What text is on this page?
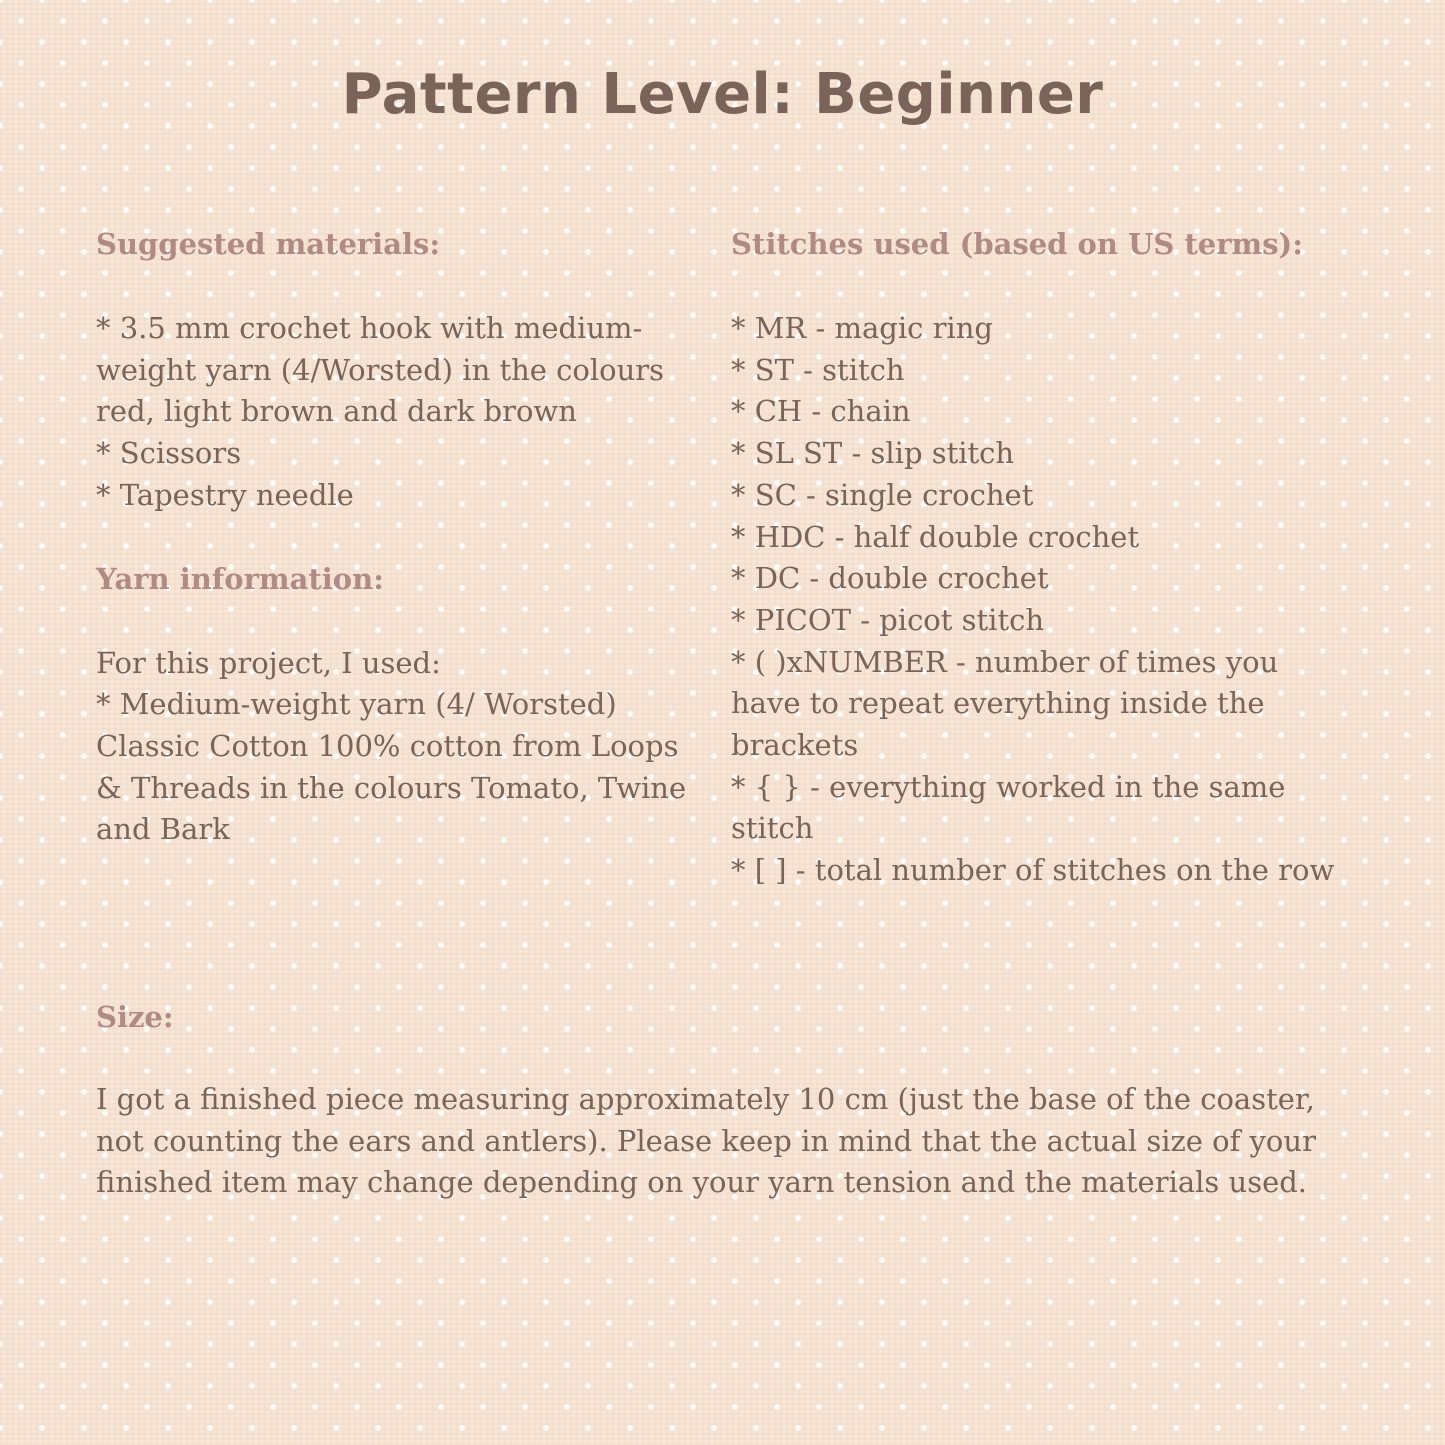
Pattern Level: Beginner
Suggested materials:
* 3.5 mm crochet hook with medium-weight yarn (4/Worsted) in the colours red, light brown and dark brown
* Scissors
* Tapestry needle
Yarn information:

For this project, I used:

* Medium-weight yarn (4/ Worsted) Classic Cotton 100% cotton from Loops & Threads in the colours Tomato, Twine and Bark

Stitches used (based on US terms):
* MR - magic ring
* ST - stitch
* CH - chain
* SL ST - slip stitch
* SC - single crochet
* HDC - half double crochet
* DC - double crochet
* PICOT - picot stitch
* ( )xNUMBER - number of times you have to repeat everything inside the brackets
* { } - everything worked in the same stitch
* [ ] - total number of stitches on the row
Size:

I got a finished piece measuring approximately 10 cm (just the base of the coaster, not counting the ears and antlers). Please keep in mind that the actual size of your finished item may change depending on your yarn tension and the materials used.
